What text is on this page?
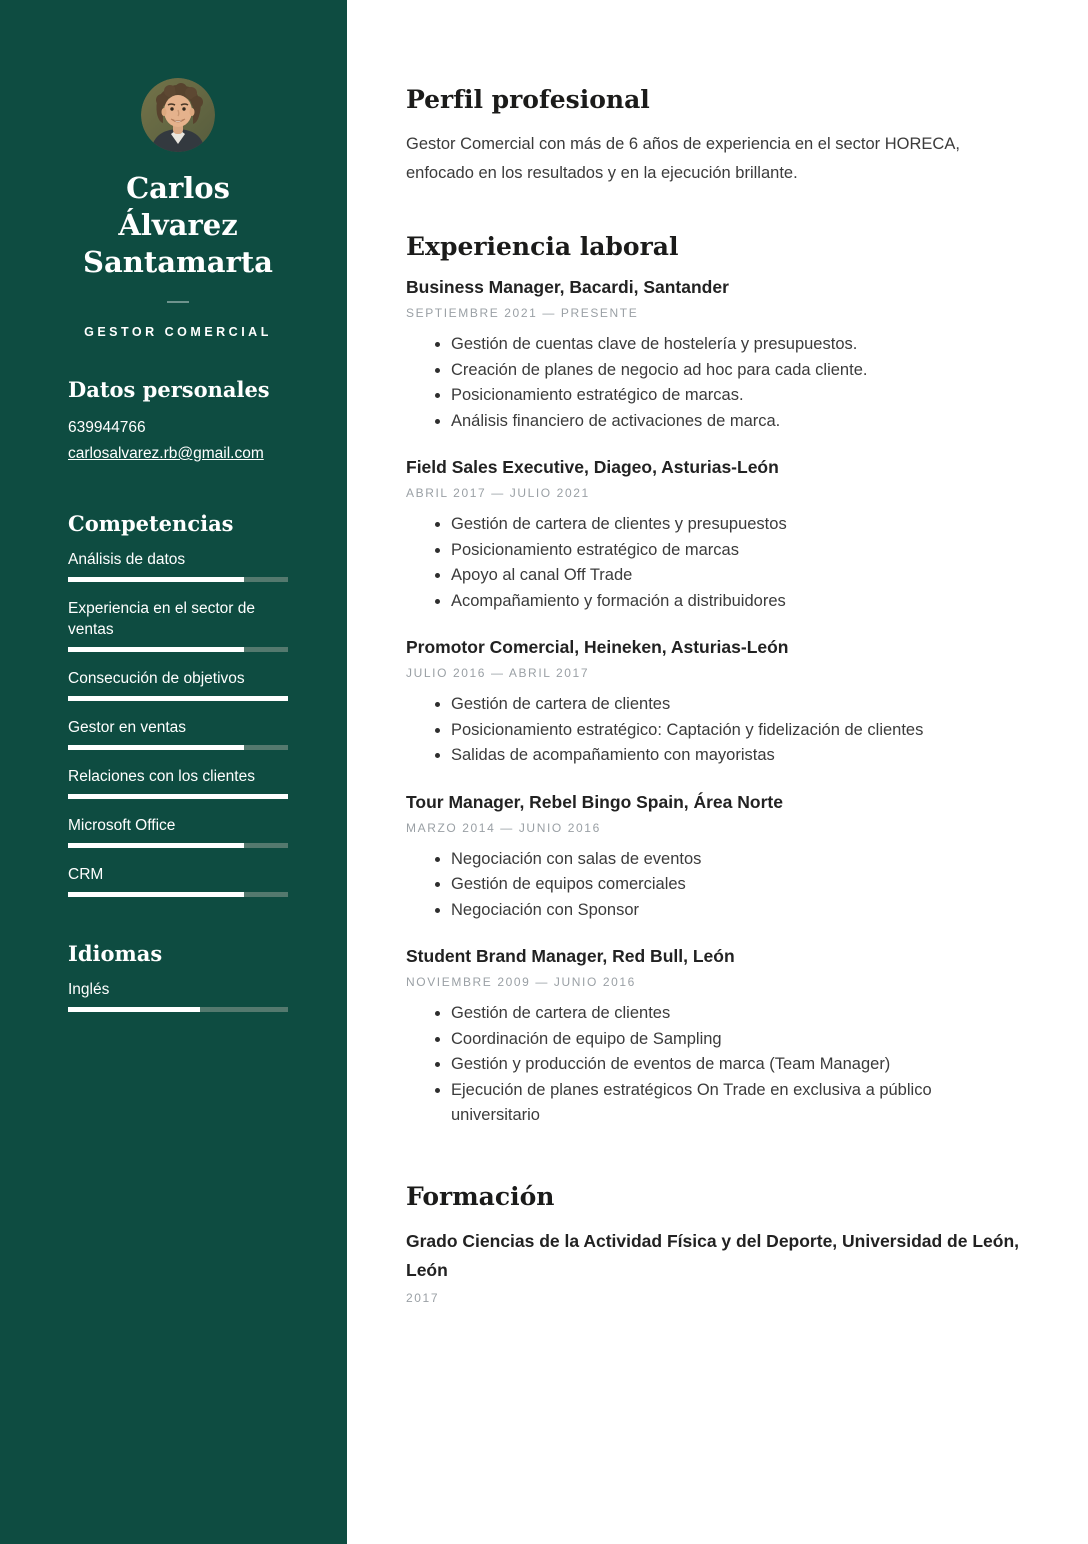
Carlos Álvarez
Santamarta
GESTOR COMERCIAL
Datos personales
639944766
carlosalvarez.rb@gmail.com
Competencias
Análisis de datos
Experiencia en el sector de ventas
Consecución de objetivos
Gestor en ventas
Relaciones con los clientes
Microsoft Office
CRM
Idiomas
Inglés
Perfil profesional

Gestor Comercial con más de 6 años de experiencia en el sector HORECA, enfocado en los resultados y en la ejecución brillante.

Experiencia laboral
Business Manager, Bacardi, Santander
SEPTIEMBRE 2021 — PRESENTE
Gestión de cuentas clave de hostelería y presupuestos.
Creación de planes de negocio ad hoc para cada cliente.
Posicionamiento estratégico de marcas.
Análisis financiero de activaciones de marca.
Field Sales Executive, Diageo, Asturias-León
ABRIL 2017 — JULIO 2021
Gestión de cartera de clientes y presupuestos
Posicionamiento estratégico de marcas
Apoyo al canal Off Trade
Acompañamiento y formación a distribuidores
Promotor Comercial, Heineken, Asturias-León
JULIO 2016 — ABRIL 2017
Gestión de cartera de clientes
Posicionamiento estratégico: Captación y fidelización de clientes
Salidas de acompañamiento con mayoristas
Tour Manager, Rebel Bingo Spain, Área Norte
MARZO 2014 — JUNIO 2016
Negociación con salas de eventos
Gestión de equipos comerciales
Negociación con Sponsor
Student Brand Manager, Red Bull, León
NOVIEMBRE 2009 — JUNIO 2016
Gestión de cartera de clientes
Coordinación de equipo de Sampling
Gestión y producción de eventos de marca (Team Manager)
Ejecución de planes estratégicos On Trade en exclusiva a público universitario
Formación
Grado Ciencias de la Actividad Física y del Deporte, Universidad de León, León
2017
